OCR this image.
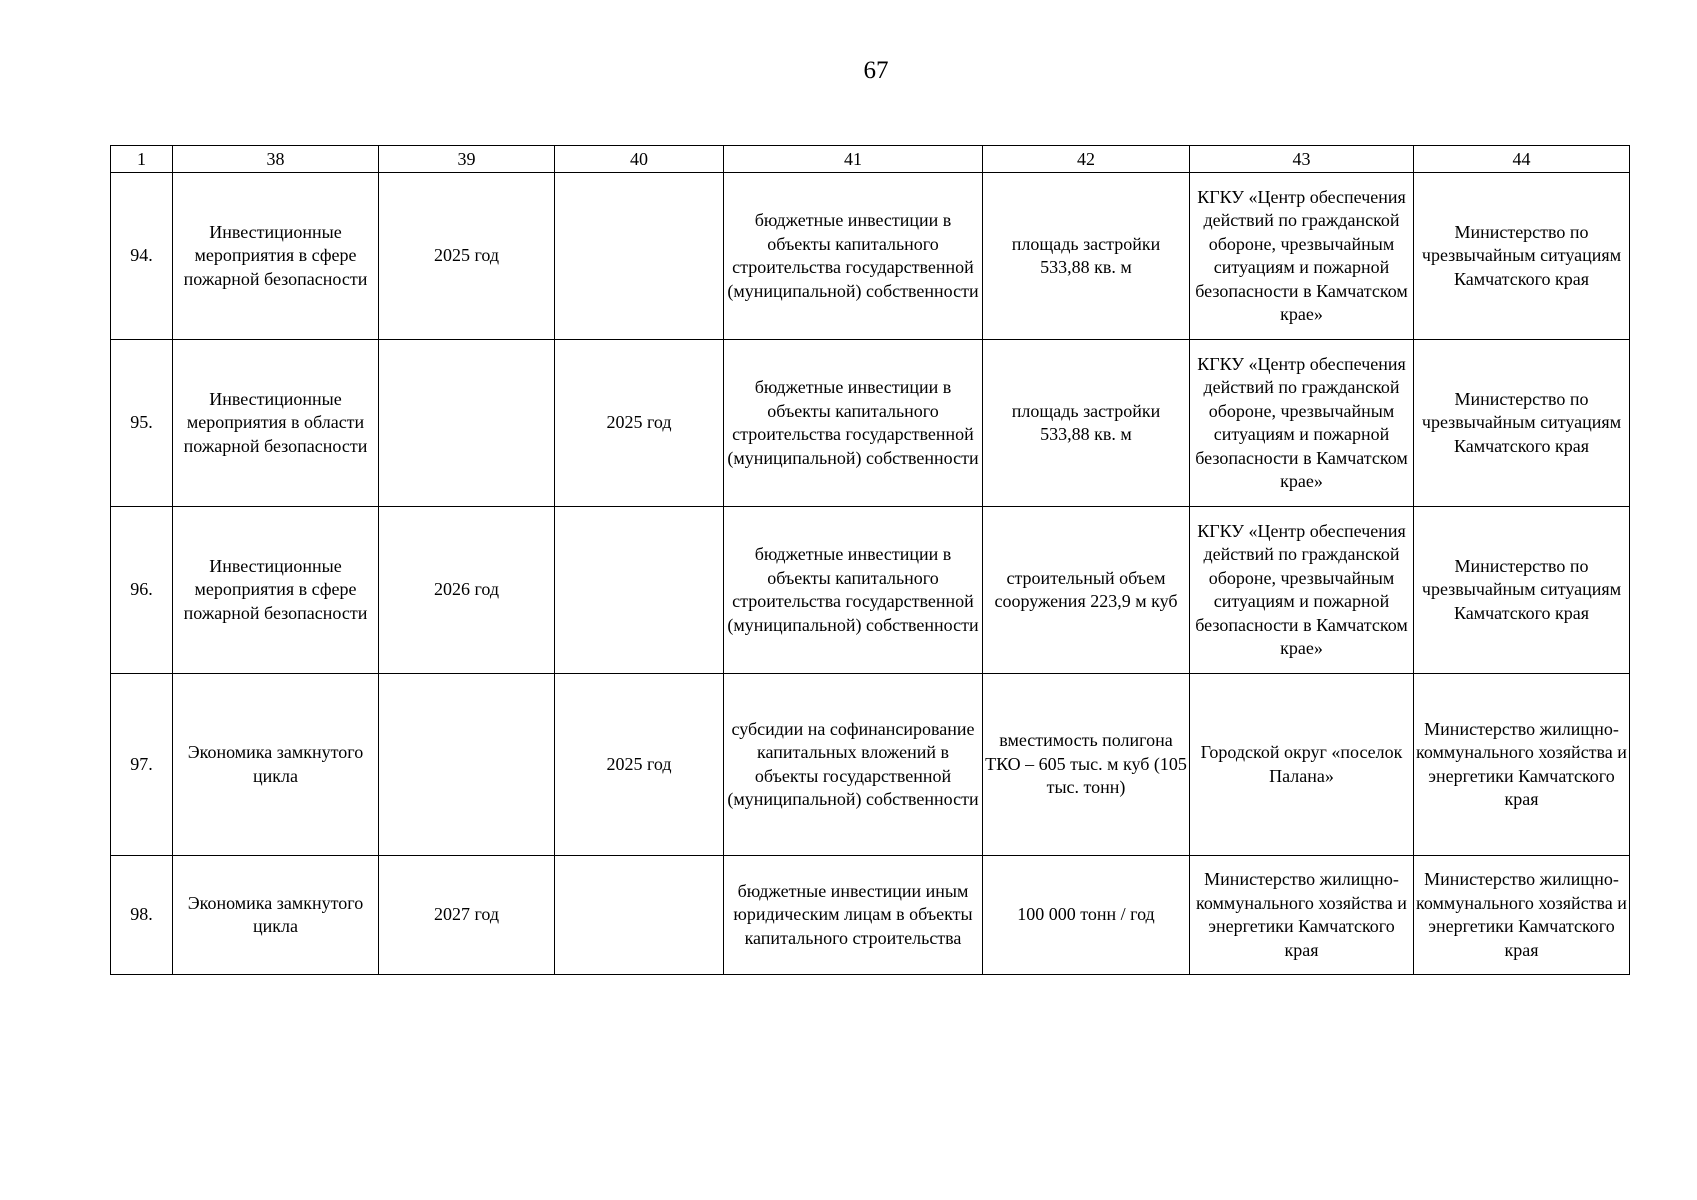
67
1	38	39	40	41	42	43	44
94.	Инвестиционные мероприятия в сфере пожарной безопасности	2025 год		бюджетные инвестиции в объекты капитального строительства государственной (муниципальной) собственности	площадь застройки 533,88 кв. м	КГКУ «Центр обеспечения действий по гражданской обороне, чрезвычайным ситуациям и пожарной безопасности в Камчатском крае»	Министерство по чрезвычайным ситуациям Камчатского края
95.	Инвестиционные мероприятия в области пожарной безопасности		2025 год	бюджетные инвестиции в объекты капитального строительства государственной (муниципальной) собственности	площадь застройки 533,88 кв. м	КГКУ «Центр обеспечения действий по гражданской обороне, чрезвычайным ситуациям и пожарной безопасности в Камчатском крае»	Министерство по чрезвычайным ситуациям Камчатского края
96.	Инвестиционные мероприятия в сфере пожарной безопасности	2026 год		бюджетные инвестиции в объекты капитального строительства государственной (муниципальной) собственности	строительный объем сооружения 223,9 м куб	КГКУ «Центр обеспечения действий по гражданской обороне, чрезвычайным ситуациям и пожарной безопасности в Камчатском крае»	Министерство по чрезвычайным ситуациям Камчатского края
97.	Экономика замкнутого цикла		2025 год	субсидии на софинансирование капитальных вложений в объекты государственной (муниципальной) собственности	вместимость полигона ТКО – 605 тыс. м куб (105 тыс. тонн)	Городской округ «поселок Палана»	Министерство жилищно-коммунального хозяйства и энергетики Камчатского края
98.	Экономика замкнутого цикла	2027 год		бюджетные инвестиции иным юридическим лицам в объекты капитального строительства	100 000 тонн / год	Министерство жилищно-коммунального хозяйства и энергетики Камчатского края	Министерство жилищно-коммунального хозяйства и энергетики Камчатского края
